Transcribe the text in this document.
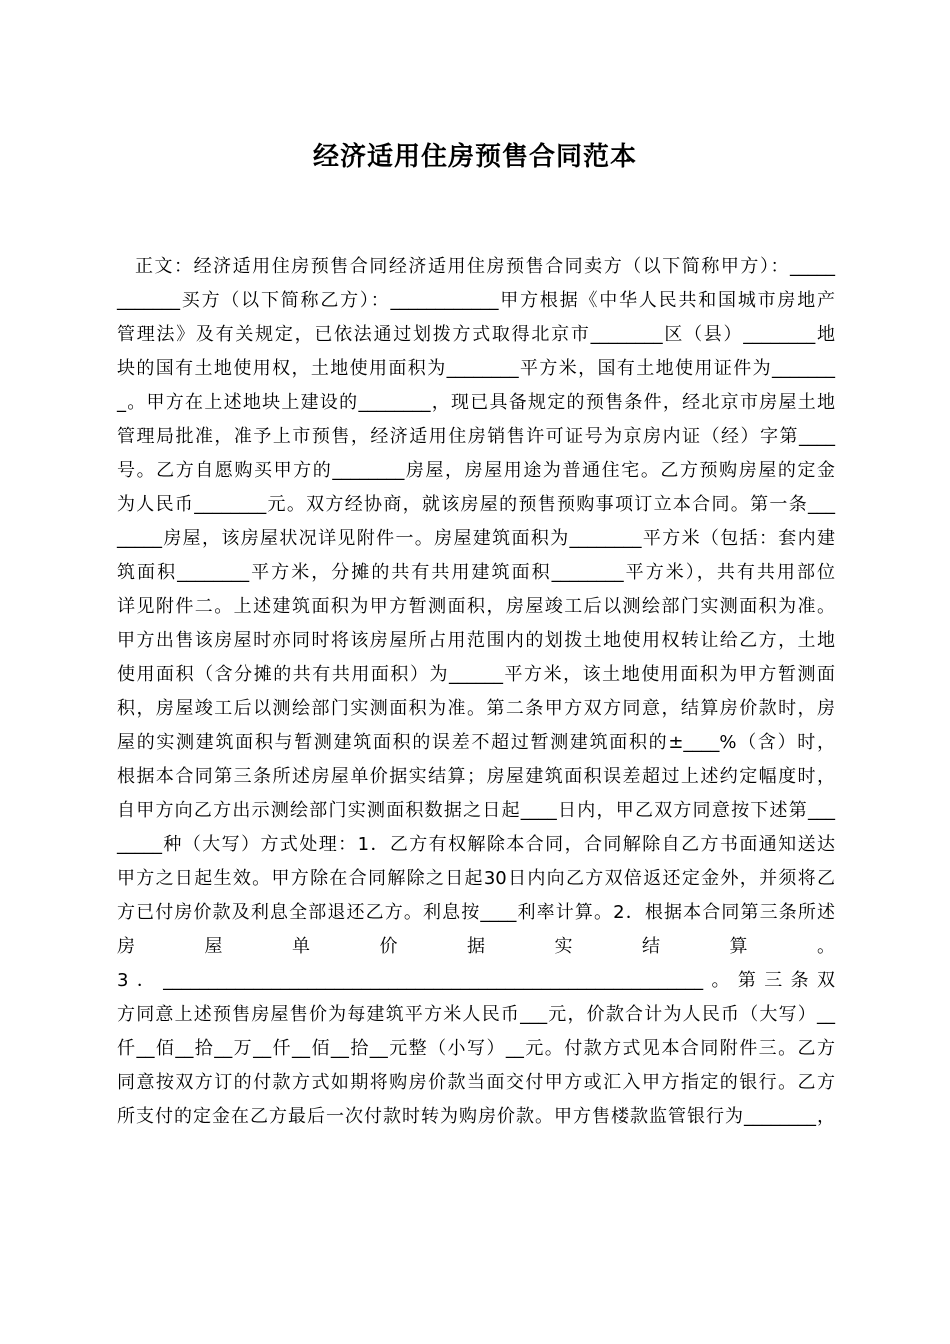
经济适用住房预售合同范本
正文：经济适用住房预售合同经济适用住房预售合同卖方（以下简称甲方）：_____
_______买方（以下简称乙方）：____________甲方根据《中华人民共和国城市房地产
管理法》及有关规定，已依法通过划拨方式取得北京市________区（县）________地
块的国有土地使用权，土地使用面积为________平方米，国有土地使用证件为_______
_。甲方在上述地块上建设的________，现已具备规定的预售条件，经北京市房屋土地
管理局批准，准予上市预售，经济适用住房销售许可证号为京房内证（经）字第____
号。乙方自愿购买甲方的________房屋，房屋用途为普通住宅。乙方预购房屋的定金
为人民币________元。双方经协商，就该房屋的预售预购事项订立本合同。第一条___
_____房屋，该房屋状况详见附件一。房屋建筑面积为________平方米（包括：套内建
筑面积________平方米，分摊的共有共用建筑面积________平方米），共有共用部位
详见附件二。上述建筑面积为甲方暂测面积，房屋竣工后以测绘部门实测面积为准。
甲方出售该房屋时亦同时将该房屋所占用范围内的划拨土地使用权转让给乙方，土地
使用面积（含分摊的共有共用面积）为______平方米，该土地使用面积为甲方暂测面
积，房屋竣工后以测绘部门实测面积为准。第二条甲方双方同意，结算房价款时，房
屋的实测建筑面积与暂测建筑面积的误差不超过暂测建筑面积的±____%（含）时，
根据本合同第三条所述房屋单价据实结算；房屋建筑面积误差超过上述约定幅度时，
自甲方向乙方出示测绘部门实测面积数据之日起____日内，甲乙双方同意按下述第___
_____种（大写）方式处理：1．乙方有权解除本合同，合同解除自乙方书面通知送达
甲方之日起生效。甲方除在合同解除之日起30日内向乙方双倍返还定金外，并须将乙
方已付房价款及利息全部退还乙方。利息按____利率计算。2．根据本合同第三条所述
房 屋 单 价 据 实 结 算 。
3．____________________________________________________________。第三条双
方同意上述预售房屋售价为每建筑平方米人民币___元，价款合计为人民币（大写）__
仟__佰__拾__万__仟__佰__拾__元整（小写）__元。付款方式见本合同附件三。乙方
同意按双方订的付款方式如期将购房价款当面交付甲方或汇入甲方指定的银行。乙方
所支付的定金在乙方最后一次付款时转为购房价款。甲方售楼款监管银行为________，
